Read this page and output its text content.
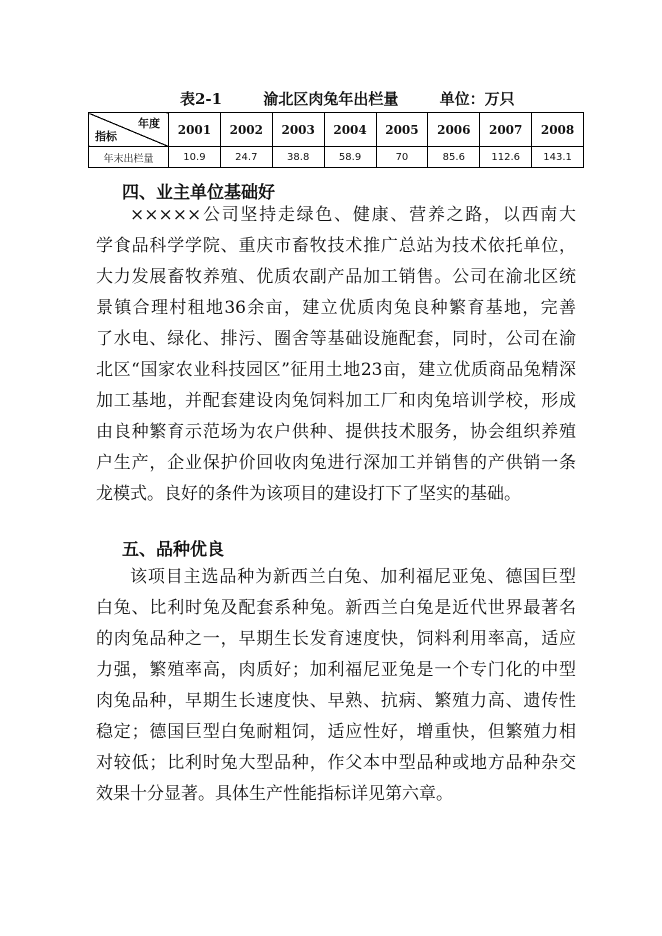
表2-1	渝北区肉兔年出栏量	单位：万只
年度
指标	2001	2002	2003	2004	2005	2006	2007	2008
年末出栏量	10.9	24.7	38.8	58.9	70	85.6	112.6	143.1
四、业主单位基础好
×××××公司坚持走绿色、健康、营养之路，以西南大
学食品科学学院、重庆市畜牧技术推广总站为技术依托单位，
大力发展畜牧养殖、优质农副产品加工销售。公司在渝北区统
景镇合理村租地36余亩，建立优质肉兔良种繁育基地，完善
了水电、绿化、排污、圈舍等基础设施配套，同时，公司在渝
北区“国家农业科技园区”征用土地23亩，建立优质商品兔精深
加工基地，并配套建设肉兔饲料加工厂和肉兔培训学校，形成
由良种繁育示范场为农户供种、提供技术服务，协会组织养殖
户生产，企业保护价回收肉兔进行深加工并销售的产供销一条
龙模式。良好的条件为该项目的建设打下了坚实的基础。
五、品种优良
该项目主选品种为新西兰白兔、加利福尼亚兔、德国巨型
白兔、比利时兔及配套系种兔。新西兰白兔是近代世界最著名
的肉兔品种之一，早期生长发育速度快，饲料利用率高，适应
力强，繁殖率高，肉质好；加利福尼亚兔是一个专门化的中型
肉兔品种，早期生长速度快、早熟、抗病、繁殖力高、遗传性
稳定；德国巨型白兔耐粗饲，适应性好，增重快，但繁殖力相
对较低；比利时兔大型品种，作父本中型品种或地方品种杂交
效果十分显著。具体生产性能指标详见第六章。
